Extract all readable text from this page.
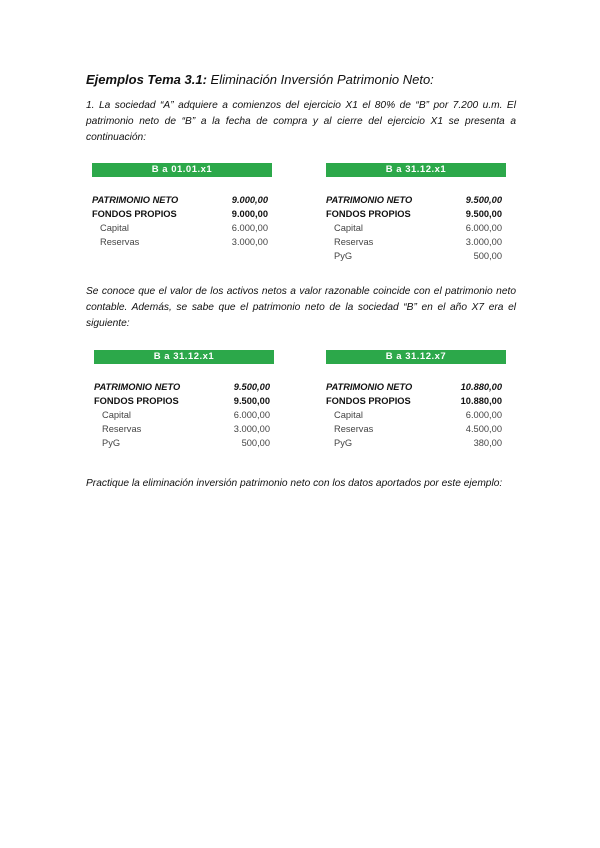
Ejemplos Tema 3.1: Eliminación Inversión Patrimonio Neto:
1. La sociedad “A” adquiere a comienzos del ejercicio X1 el 80% de “B” por 7.200 u.m. El patrimonio neto de “B” a la fecha de compra y al cierre del ejercicio X1 se presenta a continuación:
B a 01.01.x1
PATRIMONIO NETO	9.000,00
FONDOS PROPIOS	9.000,00
Capital	6.000,00
Reservas	3.000,00
B a 31.12.x1
PATRIMONIO NETO	9.500,00
FONDOS PROPIOS	9.500,00
Capital	6.000,00
Reservas	3.000,00
PyG	500,00
Se conoce que el valor de los activos netos a valor razonable coincide con el patrimonio neto contable. Además, se sabe que el patrimonio neto de la sociedad “B” en el año X7 era el siguiente:
B a 31.12.x1
PATRIMONIO NETO	9.500,00
FONDOS PROPIOS	9.500,00
Capital	6.000,00
Reservas	3.000,00
PyG	500,00
B a 31.12.x7
PATRIMONIO NETO	10.880,00
FONDOS PROPIOS	10.880,00
Capital	6.000,00
Reservas	4.500,00
PyG	380,00
Practique la eliminación inversión patrimonio neto con los datos aportados por este ejemplo:
